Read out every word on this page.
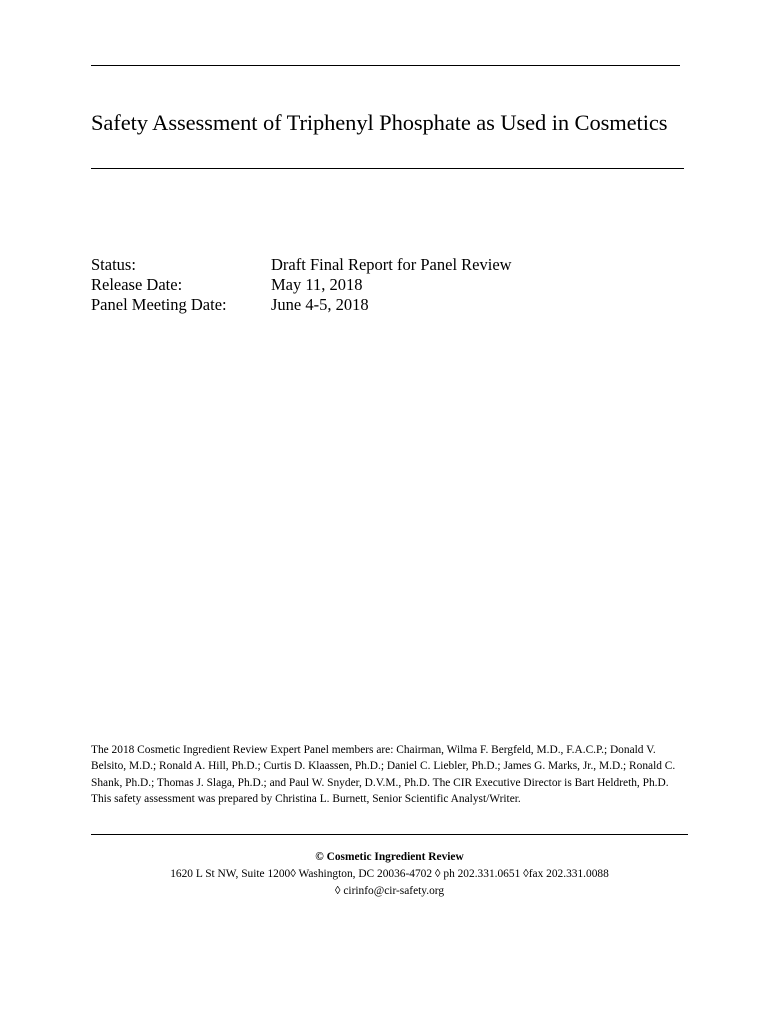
Safety Assessment of Triphenyl Phosphate as Used in Cosmetics
Status:	Draft Final Report for Panel Review
Release Date:	May 11, 2018
Panel Meeting Date:	June 4-5, 2018
The 2018 Cosmetic Ingredient Review Expert Panel members are: Chairman, Wilma F. Bergfeld, M.D., F.A.C.P.; Donald V. Belsito, M.D.; Ronald A. Hill, Ph.D.; Curtis D. Klaassen, Ph.D.; Daniel C. Liebler, Ph.D.; James G. Marks, Jr., M.D.; Ronald C. Shank, Ph.D.; Thomas J. Slaga, Ph.D.; and Paul W. Snyder, D.V.M., Ph.D. The CIR Executive Director is Bart Heldreth, Ph.D. This safety assessment was prepared by Christina L. Burnett, Senior Scientific Analyst/Writer.
© Cosmetic Ingredient Review
1620 L St NW, Suite 1200◊ Washington, DC 20036-4702 ◊ ph 202.331.0651 ◊fax 202.331.0088
◊ cirinfo@cir-safety.org
